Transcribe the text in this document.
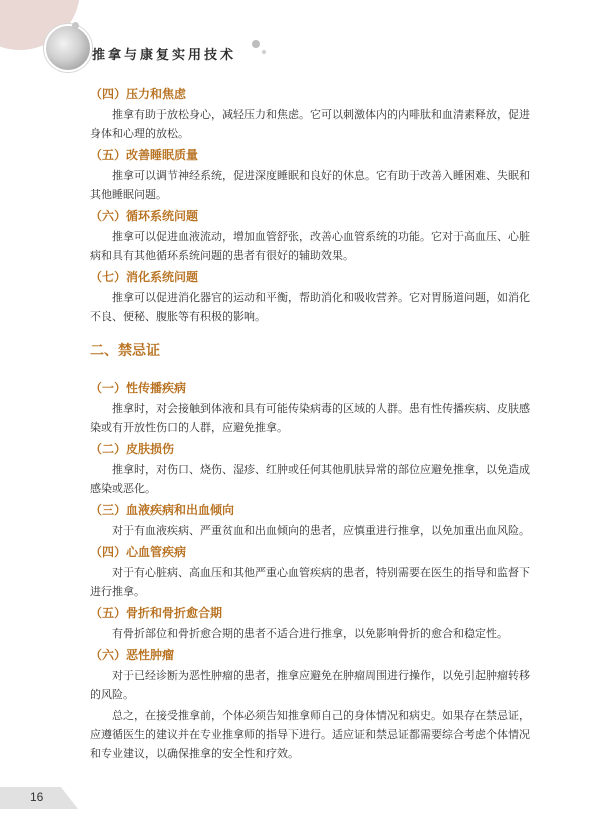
推拿与康复实用技术
（四）压力和焦虑
推拿有助于放松身心，减轻压力和焦虑。它可以刺激体内的内啡肽和血清素释放，促进身体和心理的放松。
（五）改善睡眠质量
推拿可以调节神经系统，促进深度睡眠和良好的休息。它有助于改善入睡困难、失眠和其他睡眠问题。
（六）循环系统问题
推拿可以促进血液流动，增加血管舒张，改善心血管系统的功能。它对于高血压、心脏病和具有其他循环系统问题的患者有很好的辅助效果。
（七）消化系统问题
推拿可以促进消化器官的运动和平衡，帮助消化和吸收营养。它对胃肠道问题，如消化不良、便秘、腹胀等有积极的影响。
二、禁忌证
（一）性传播疾病
推拿时，对会接触到体液和具有可能传染病毒的区域的人群。患有性传播疾病、皮肤感染或有开放性伤口的人群，应避免推拿。
（二）皮肤损伤
推拿时，对伤口、烧伤、湿疹、红肿或任何其他肌肤异常的部位应避免推拿，以免造成感染或恶化。
（三）血液疾病和出血倾向
对于有血液疾病、严重贫血和出血倾向的患者，应慎重进行推拿，以免加重出血风险。
（四）心血管疾病
对于有心脏病、高血压和其他严重心血管疾病的患者，特别需要在医生的指导和监督下进行推拿。
（五）骨折和骨折愈合期
有骨折部位和骨折愈合期的患者不适合进行推拿，以免影响骨折的愈合和稳定性。
（六）恶性肿瘤
对于已经诊断为恶性肿瘤的患者，推拿应避免在肿瘤周围进行操作，以免引起肿瘤转移的风险。
总之，在接受推拿前，个体必须告知推拿师自己的身体情况和病史。如果存在禁忌证，应遵循医生的建议并在专业推拿师的指导下进行。适应证和禁忌证都需要综合考虑个体情况和专业建议，以确保推拿的安全性和疗效。
16
